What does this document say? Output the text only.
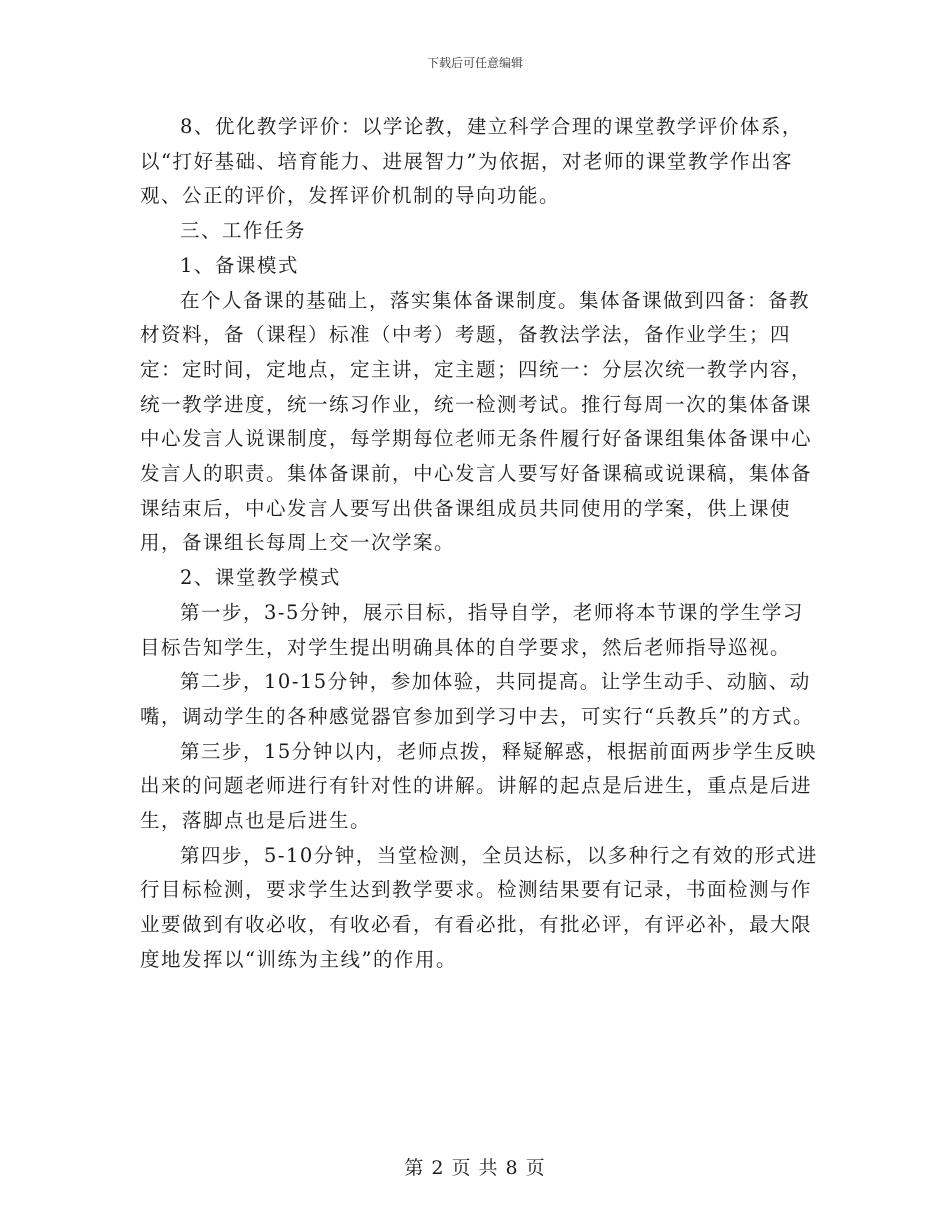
下载后可任意编辑

8、优化教学评价：以学论教，建立科学合理的课堂教学评价体系，以“打好基础、培育能力、进展智力”为依据，对老师的课堂教学作出客观、公正的评价，发挥评价机制的导向功能。

三、工作任务

1、备课模式

在个人备课的基础上，落实集体备课制度。集体备课做到四备：备教材资料，备（课程）标准（中考）考题，备教法学法，备作业学生；四定：定时间，定地点，定主讲，定主题；四统一：分层次统一教学内容，统一教学进度，统一练习作业，统一检测考试。推行每周一次的集体备课中心发言人说课制度，每学期每位老师无条件履行好备课组集体备课中心发言人的职责。集体备课前，中心发言人要写好备课稿或说课稿，集体备课结束后，中心发言人要写出供备课组成员共同使用的学案，供上课使用，备课组长每周上交一次学案。

2、课堂教学模式

第一步，3-5分钟，展示目标，指导自学，老师将本节课的学生学习目标告知学生，对学生提出明确具体的自学要求，然后老师指导巡视。

第二步，10-15分钟，参加体验，共同提高。让学生动手、动脑、动嘴，调动学生的各种感觉器官参加到学习中去，可实行“兵教兵”的方式。

第三步，15分钟以内，老师点拨，释疑解惑，根据前面两步学生反映出来的问题老师进行有针对性的讲解。讲解的起点是后进生，重点是后进生，落脚点也是后进生。

第四步，5-10分钟，当堂检测，全员达标，以多种行之有效的形式进行目标检测，要求学生达到教学要求。检测结果要有记录，书面检测与作业要做到有收必收，有收必看，有看必批，有批必评，有评必补，最大限度地发挥以“训练为主线”的作用。

第 2 页 共 8 页
